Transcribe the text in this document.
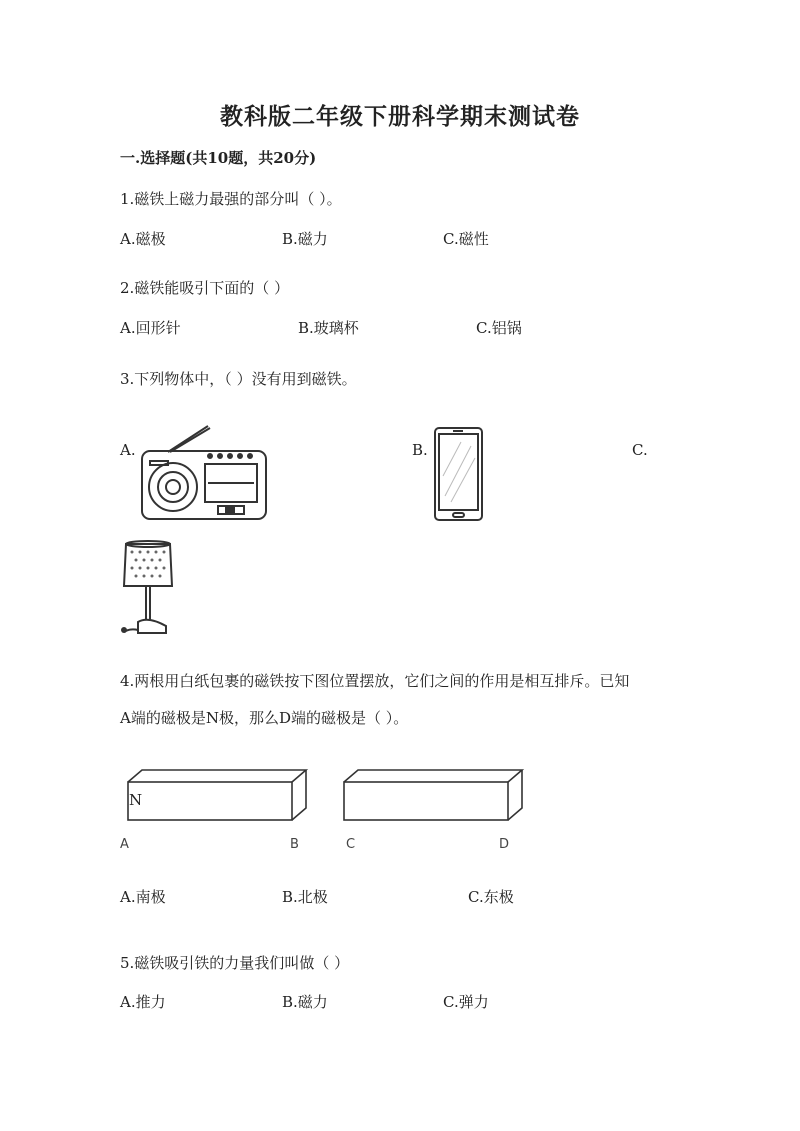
教科版二年级下册科学期末测试卷
一.选择题(共10题，共20分)
1.磁铁上磁力最强的部分叫（ ）。
A.磁极	B.磁力	C.磁性
2.磁铁能吸引下面的（ ）
A.回形针	B.玻璃杯	C.铝锅
3.下列物体中，（ ）没有用到磁铁。
A.	B.	C.
4.两根用白纸包裹的磁铁按下图位置摆放，它们之间的作用是相互排斥。已知
A端的磁极是N极，那么D端的磁极是（ ）。
N
A	B	C	D
A.南极	B.北极	C.东极
5.磁铁吸引铁的力量我们叫做（ ）
A.推力	B.磁力	C.弹力
